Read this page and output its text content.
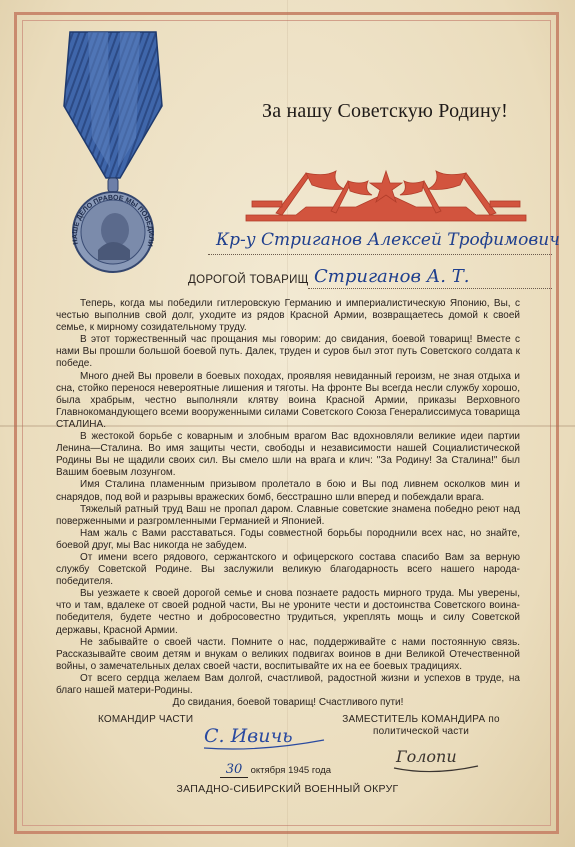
НАШЕ ДЕЛО ПРАВОЕ МЫ ПОБЕДИЛИ
За нашу Советскую Родину!
Кр-у Стриганов Алексей Трофимович
ДОРОГОЙ ТОВАРИЩ Стриганов А. Т.

Теперь, когда мы победили гитлеровскую Германию и империалистическую Японию, Вы, с честью выполнив свой долг, уходите из рядов Красной Армии, возвращаетесь домой к своей семье, к мирному созидательному труду.

В этот торжественный час прощания мы говорим: до свидания, боевой товарищ! Вместе с нами Вы прошли большой боевой путь. Далек, труден и суров был этот путь Советского солдата к победе.

Много дней Вы провели в боевых походах, проявляя невиданный героизм, не зная отдыха и сна, стойко перенося невероятные лишения и тяготы. На фронте Вы всегда несли службу хорошо, была храбрым, честно выполняли клятву воина Красной Армии, приказы Верховного Главнокомандующего всеми вооруженными силами Советского Союза Генералиссимуса товарища СТАЛИНА.

В жестокой борьбе с коварным и злобным врагом Вас вдохновляли великие идеи партии Ленина—Сталина. Во имя защиты чести, свободы и независимости нашей Социалистической Родины Вы не щадили своих сил. Вы смело шли на врага и клич: "За Родину! За Сталина!" был Вашим боевым лозунгом.

Имя Сталина пламенным призывом пролетало в бою и Вы под ливнем осколков мин и снарядов, под вой и разрывы вражеских бомб, бесстрашно шли вперед и побеждали врага.

Тяжелый ратный труд Ваш не пропал даром. Славные советские знамена победно реют над поверженными и разгромленными Германией и Японией.

Нам жаль с Вами расставаться. Годы совместной борьбы породнили всех нас, но знайте, боевой друг, мы Вас никогда не забудем.

От имени всего рядового, сержантского и офицерского состава спасибо Вам за верную службу Советской Родине. Вы заслужили великую благодарность всего нашего народа-победителя.

Вы уезжаете к своей дорогой семье и снова познаете радость мирного труда. Мы уверены, что и там, вдалеке от своей родной части, Вы не уроните чести и достоинства Советского воина-победителя, будете честно и добросовестно трудиться, укреплять мощь и силу Советской державы, Красной Армии.

Не забывайте о своей части. Помните о нас, поддерживайте с нами постоянную связь. Рассказывайте своим детям и внукам о великих подвигах воинов в дни Великой Отечественной войны, о замечательных делах своей части, воспитывайте их на ее боевых традициях.

От всего сердца желаем Вам долгой, счастливой, радостной жизни и успехов в труде, на благо нашей матери-Родины.

До свидания, боевой товарищ! Счастливого пути!

КОМАНДИР ЧАСТИ	ЗАМЕСТИТЕЛЬ КОМАНДИРА по политической части
С. Ивичь
Голопи
30 октября 1945 года
ЗАПАДНО-СИБИРСКИЙ ВОЕННЫЙ ОКРУГ
